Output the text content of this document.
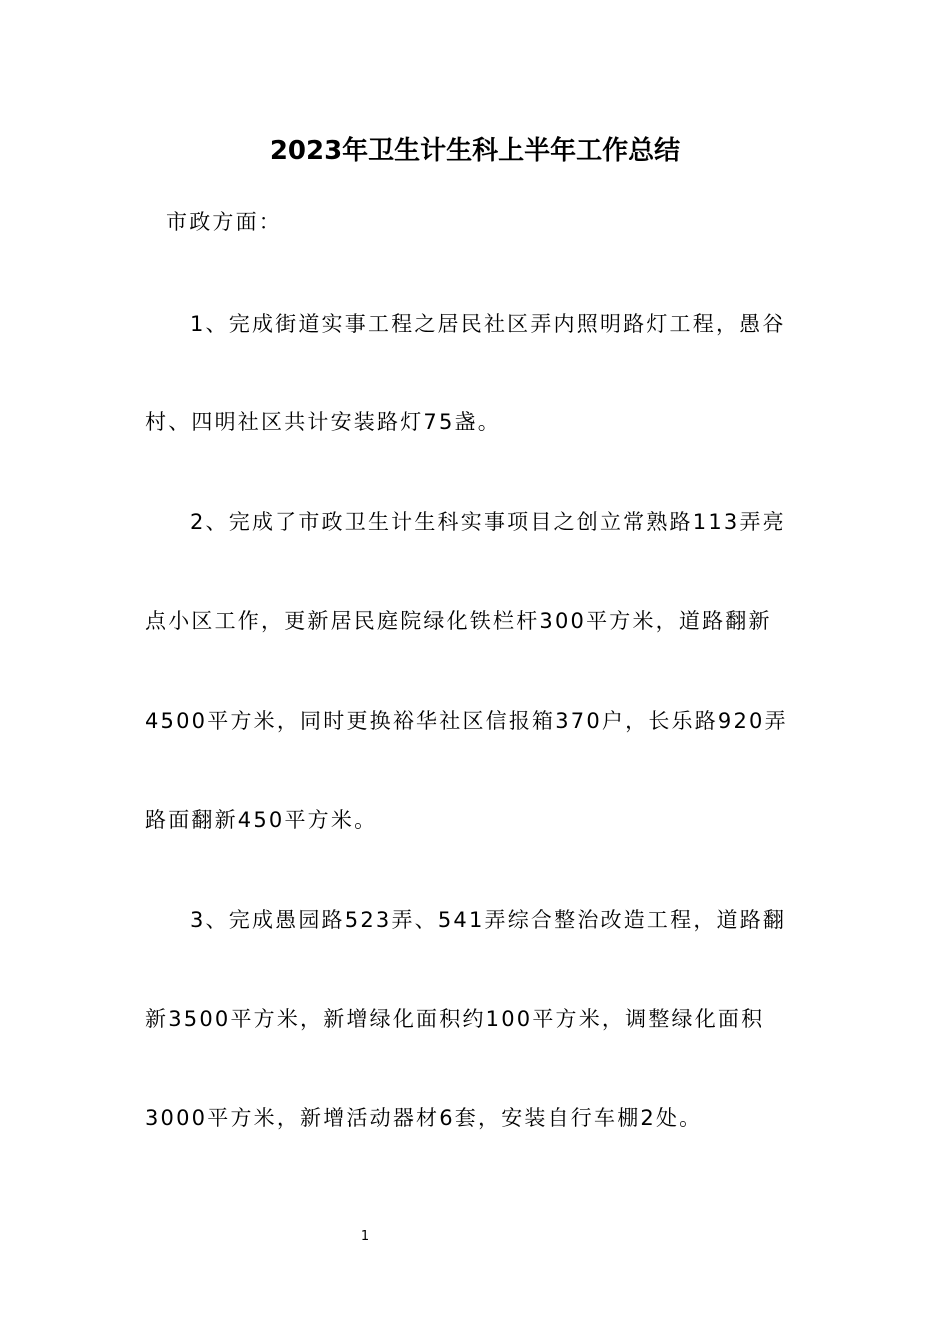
2023年卫生计生科上半年工作总结
市政方面：
1、完成街道实事工程之居民社区弄内照明路灯工程，愚谷
村、四明社区共计安装路灯75盏。
2、完成了市政卫生计生科实事项目之创立常熟路113弄亮
点小区工作，更新居民庭院绿化铁栏杆300平方米，道路翻新
4500平方米，同时更换裕华社区信报箱370户，长乐路920弄
路面翻新450平方米。
3、完成愚园路523弄、541弄综合整治改造工程，道路翻
新3500平方米，新增绿化面积约100平方米，调整绿化面积
3000平方米，新增活动器材6套，安装自行车棚2处。
1
